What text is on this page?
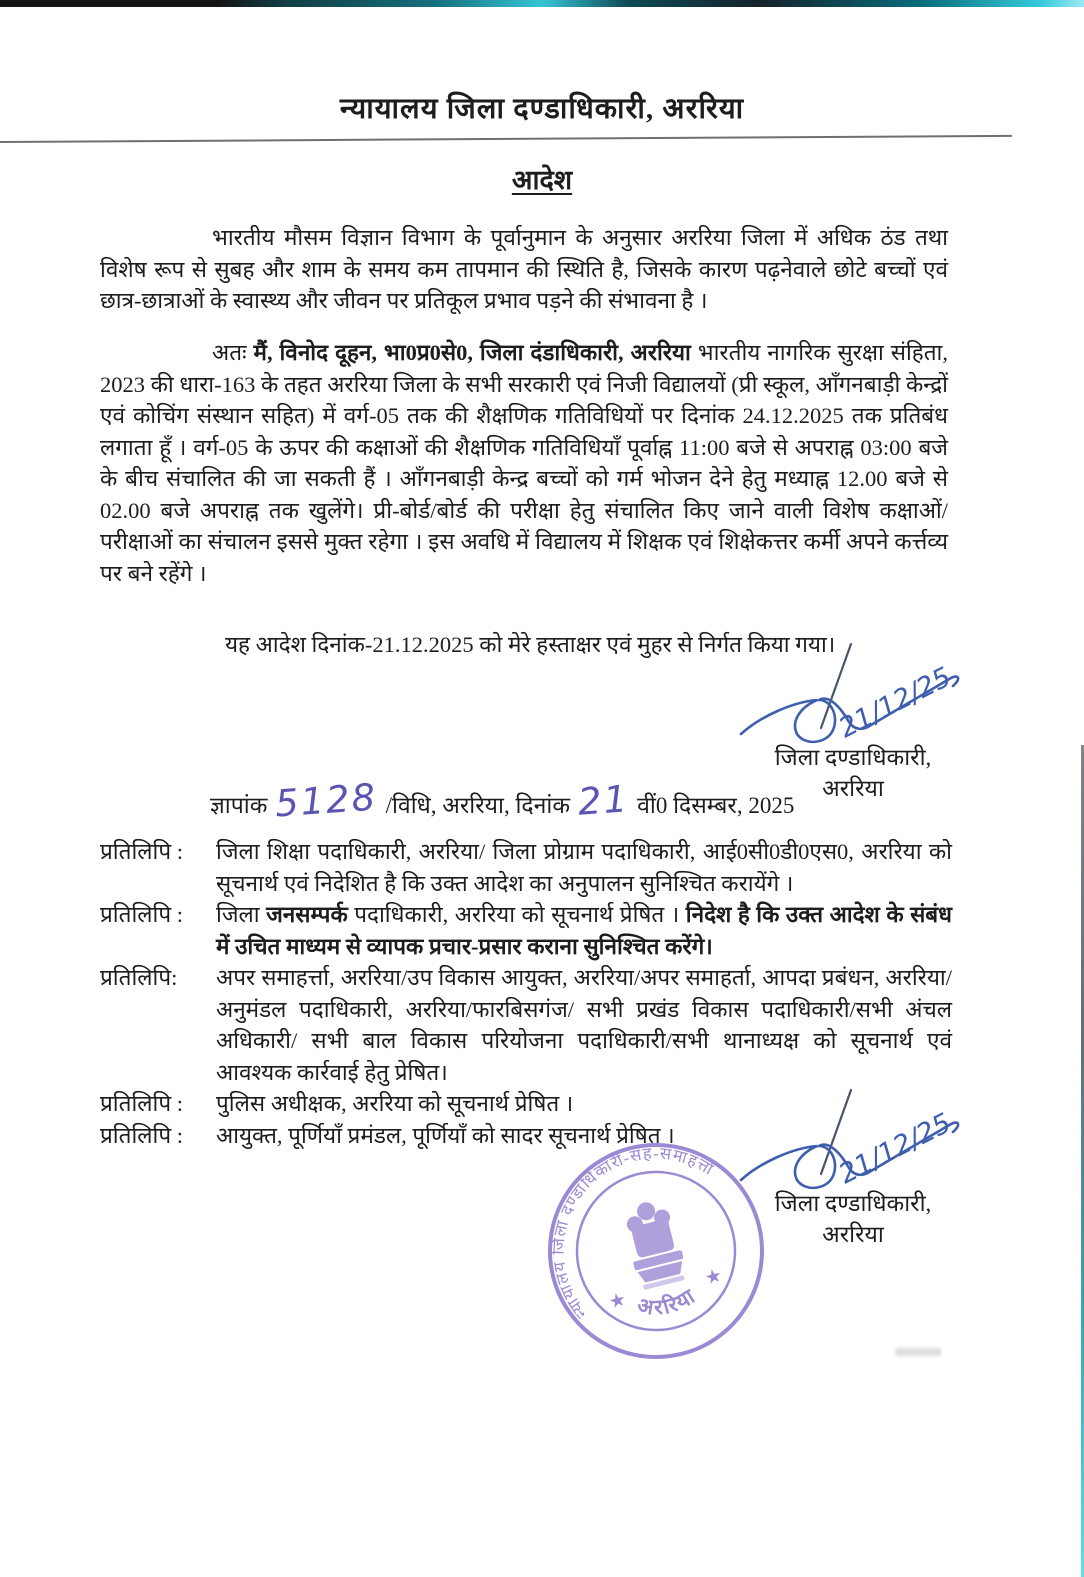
न्यायालय जिला दण्डाधिकारी, अररिया
आदेश
भारतीय मौसम विज्ञान विभाग के पूर्वानुमान के अनुसार अररिया जिला में अधिक ठंड तथा विशेष रूप से सुबह और शाम के समय कम तापमान की स्थिति है, जिसके कारण पढ़नेवाले छोटे बच्चों एवं छात्र-छात्राओं के स्वास्थ्य और जीवन पर प्रतिकूल प्रभाव पड़ने की संभावना है ।
अतः मैं, विनोद दूहन, भा0प्र0से0, जिला दंडाधिकारी, अररिया भारतीय नागरिक सुरक्षा संहिता, 2023 की धारा-163 के तहत अररिया जिला के सभी सरकारी एवं निजी विद्यालयों (प्री स्कूल, आँगनबाड़ी केन्द्रों एवं कोचिंग संस्थान सहित) में वर्ग-05 तक की शैक्षणिक गतिविधियों पर दिनांक 24.12.2025 तक प्रतिबंध लगाता हूँ । वर्ग-05 के ऊपर की कक्षाओं की शैक्षणिक गतिविधियाँ पूर्वाह्न 11:00 बजे से अपराह्न 03:00 बजे के बीच संचालित की जा सकती हैं । आँगनबाड़ी केन्द्र बच्चों को गर्म भोजन देने हेतु मध्याह्न 12.00 बजे से 02.00 बजे अपराह्न तक खुलेंगे। प्री-बोर्ड/बोर्ड की परीक्षा हेतु संचालित किए जाने वाली विशेष कक्षाओं/परीक्षाओं का संचालन इससे मुक्त रहेगा । इस अवधि में विद्यालय में शिक्षक एवं शिक्षेकत्तर कर्मी अपने कर्त्तव्य पर बने रहेंगे ।
यह आदेश दिनांक-21.12.2025 को मेरे हस्ताक्षर एवं मुहर से निर्गत किया गया।
21/12/25
जिला दण्डाधिकारी,
अररिया
ज्ञापांक 5128 /विधि, अररिया, दिनांक 21 वीं0 दिसम्बर, 2025
प्रतिलिपि :	जिला शिक्षा पदाधिकारी, अररिया/ जिला प्रोग्राम पदाधिकारी, आई0सी0डी0एस0, अररिया को सूचनार्थ एवं निदेशित है कि उक्त आदेश का अनुपालन सुनिश्चित करायेंगे ।
प्रतिलिपि :	जिला जनसम्पर्क पदाधिकारी, अररिया को सूचनार्थ प्रेषित । निदेश है कि उक्त आदेश के संबंध में उचित माध्यम से व्यापक प्रचार-प्रसार कराना सुनिश्चित करेंगे।
प्रतिलिपि:	अपर समाहर्त्ता, अररिया/उप विकास आयुक्त, अररिया/अपर समाहर्ता, आपदा प्रबंधन, अररिया/अनुमंडल पदाधिकारी, अररिया/फारबिसगंज/ सभी प्रखंड विकास पदाधिकारी/सभी अंचल अधिकारी/ सभी बाल विकास परियोजना पदाधिकारी/सभी थानाध्यक्ष को सूचनार्थ एवं आवश्यक कार्रवाई हेतु प्रेषित।
प्रतिलिपि :	पुलिस अधीक्षक, अररिया को सूचनार्थ प्रेषित ।
प्रतिलिपि :	आयुक्त, पूर्णियाँ प्रमंडल, पूर्णियाँ को सादर सूचनार्थ प्रेषित ।
न्यायालय जिला दण्डाधिकारी-सह-समाहर्त्ता
★
★
अररिया
21/12/25
जिला दण्डाधिकारी,
अररिया
